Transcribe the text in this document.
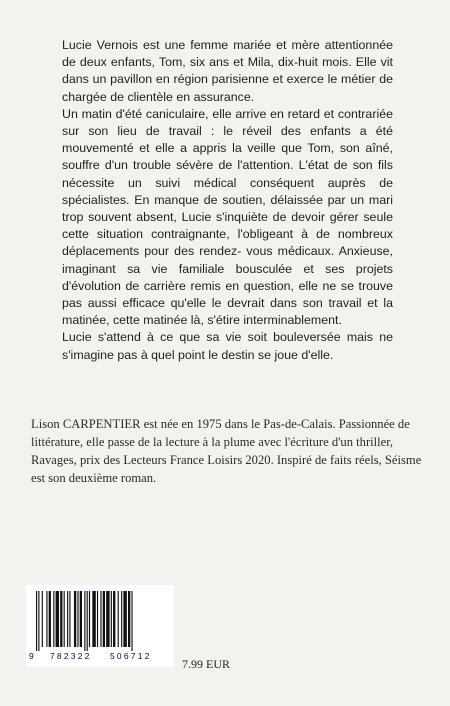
Lucie Vernois est une femme mariée et mère attentionnée de deux enfants, Tom, six ans et Mila, dix-huit mois. Elle vit dans un pavillon en région parisienne et exerce le métier de chargée de clientèle en assurance.

Un matin d'été caniculaire, elle arrive en retard et contrariée sur son lieu de travail : le réveil des enfants a été mouvementé et elle a appris la veille que Tom, son aîné, souffre d'un trouble sévère de l'attention. L'état de son fils nécessite un suivi médical conséquent auprès de spécialistes. En manque de soutien, délaissée par un mari trop souvent absent, Lucie s'inquiète de devoir gérer seule cette situation contraignante, l'obligeant à de nombreux déplacements pour des rendez- vous médicaux. Anxieuse, imaginant sa vie familiale bousculée et ses projets d'évolution de carrière remis en question, elle ne se trouve pas aussi efficace qu'elle le devrait dans son travail et la matinée, cette matinée là, s'étire interminablement.

Lucie s'attend à ce que sa vie soit bouleversée mais ne s'imagine pas à quel point le destin se joue d'elle.

Lison CARPENTIER est née en 1975 dans le Pas-de-Calais. Passionnée de littérature, elle passe de la lecture à la plume avec l'écriture d'un thriller, Ravages, prix des Lecteurs France Loisirs 2020. Inspiré de faits réels, Séisme est son deuxième roman.
9 782322 506712
7.99 EUR
